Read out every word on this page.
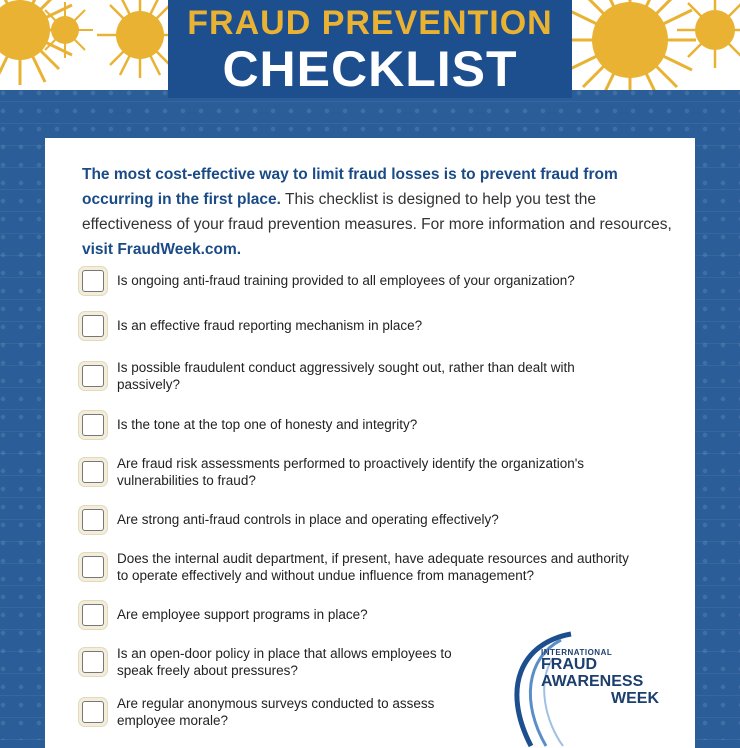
FRAUD PREVENTION
CHECKLIST
The most cost-effective way to limit fraud losses is to prevent fraud from occurring in the first place. This checklist is designed to help you test the effectiveness of your fraud prevention measures. For more information and resources, visit FraudWeek.com.
Is ongoing anti-fraud training provided to all employees of your organization?
Is an effective fraud reporting mechanism in place?
Is possible fraudulent conduct aggressively sought out, rather than dealt with passively?
Is the tone at the top one of honesty and integrity?
Are fraud risk assessments performed to proactively identify the organization's vulnerabilities to fraud?
Are strong anti-fraud controls in place and operating effectively?
Does the internal audit department, if present, have adequate resources and authority to operate effectively and without undue influence from management?
Are employee support programs in place?
Is an open-door policy in place that allows employees to speak freely about pressures?
Are regular anonymous surveys conducted to assess employee morale?
INTERNATIONAL
FRAUD
AWARENESS
WEEK
